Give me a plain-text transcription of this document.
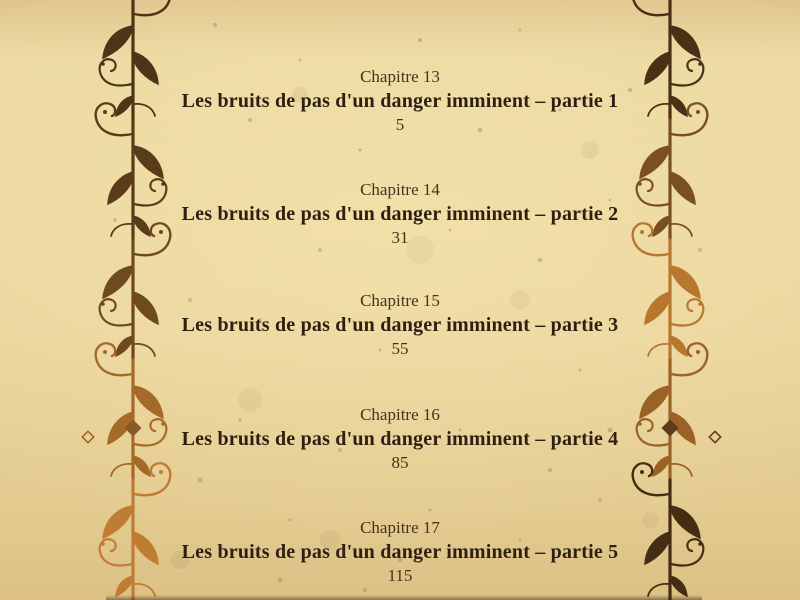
Chapitre 13
Les bruits de pas d'un danger imminent – partie 1
5
Chapitre 14
Les bruits de pas d'un danger imminent – partie 2
31
Chapitre 15
Les bruits de pas d'un danger imminent – partie 3
55
Chapitre 16
Les bruits de pas d'un danger imminent – partie 4
85
Chapitre 17
Les bruits de pas d'un danger imminent – partie 5
115
